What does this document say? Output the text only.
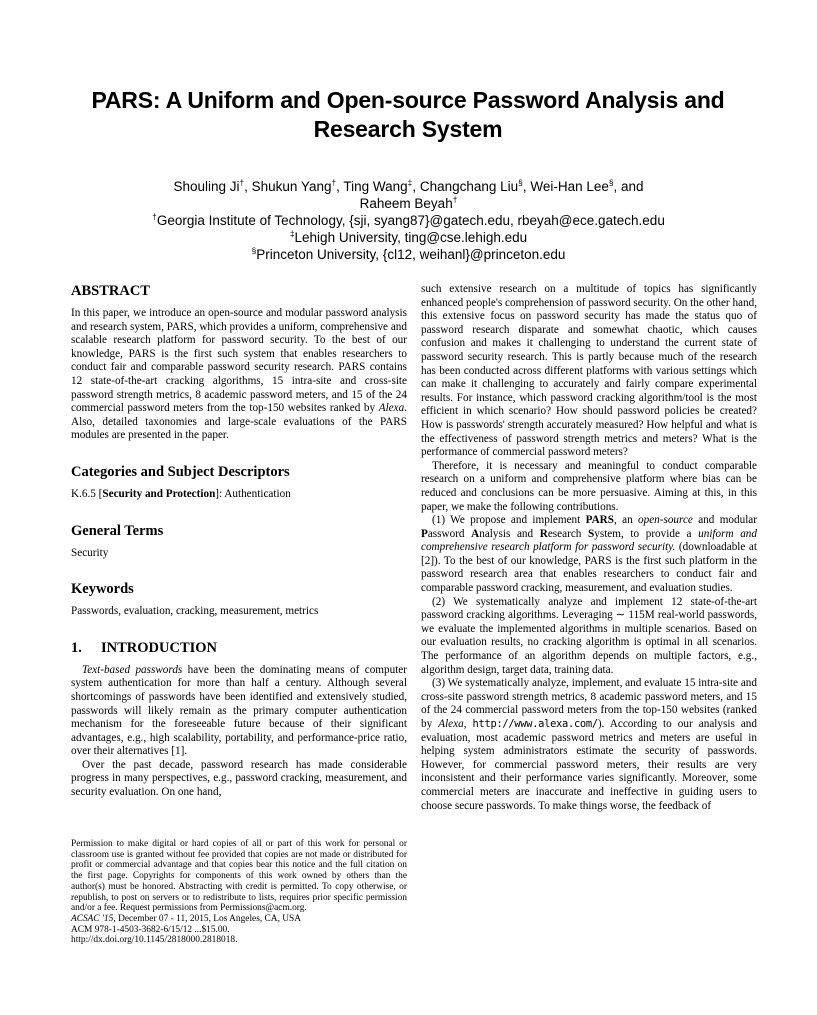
PARS: A Uniform and Open-source Password Analysis and Research System
Shouling Ji†, Shukun Yang†, Ting Wang‡, Changchang Liu§, Wei-Han Lee§, and
Raheem Beyah†
†Georgia Institute of Technology, {sji, syang87}@gatech.edu, rbeyah@ece.gatech.edu
‡Lehigh University, ting@cse.lehigh.edu
§Princeton University, {cl12, weihanl}@princeton.edu
ABSTRACT

In this paper, we introduce an open-source and modular password analysis and research system, PARS, which provides a uniform, comprehensive and scalable research platform for password security. To the best of our knowledge, PARS is the first such system that enables researchers to conduct fair and comparable password security research. PARS contains 12 state-of-the-art cracking algorithms, 15 intra-site and cross-site password strength metrics, 8 academic password meters, and 15 of the 24 commercial password meters from the top-150 websites ranked by Alexa. Also, detailed taxonomies and large-scale evaluations of the PARS modules are presented in the paper.

Categories and Subject Descriptors

K.6.5 [Security and Protection]: Authentication

General Terms

Security

Keywords

Passwords, evaluation, cracking, measurement, metrics

1. INTRODUCTION

Text-based passwords have been the dominating means of computer system authentication for more than half a century. Although several shortcomings of passwords have been identified and extensively studied, passwords will likely remain as the primary computer authentication mechanism for the foreseeable future because of their significant advantages, e.g., high scalability, portability, and performance-price ratio, over their alternatives [1].

Over the past decade, password research has made considerable progress in many perspectives, e.g., password cracking, measurement, and security evaluation. On one hand,

Permission to make digital or hard copies of all or part of this work for personal or classroom use is granted without fee provided that copies are not made or distributed for profit or commercial advantage and that copies bear this notice and the full citation on the first page. Copyrights for components of this work owned by others than the author(s) must be honored. Abstracting with credit is permitted. To copy otherwise, or republish, to post on servers or to redistribute to lists, requires prior specific permission and/or a fee. Request permissions from Permissions@acm.org.

ACSAC '15, December 07 - 11, 2015, Los Angeles, CA, USA

ACM 978-1-4503-3682-6/15/12 ...$15.00.

http://dx.doi.org/10.1145/2818000.2818018.

such extensive research on a multitude of topics has significantly enhanced people's comprehension of password security. On the other hand, this extensive focus on password security has made the status quo of password research disparate and somewhat chaotic, which causes confusion and makes it challenging to understand the current state of password security research. This is partly because much of the research has been conducted across different platforms with various settings which can make it challenging to accurately and fairly compare experimental results. For instance, which password cracking algorithm/tool is the most efficient in which scenario? How should password policies be created? How is passwords' strength accurately measured? How helpful and what is the effectiveness of password strength metrics and meters? What is the performance of commercial password meters?

Therefore, it is necessary and meaningful to conduct comparable research on a uniform and comprehensive platform where bias can be reduced and conclusions can be more persuasive. Aiming at this, in this paper, we make the following contributions.

(1) We propose and implement PARS, an open-source and modular Password Analysis and Research System, to provide a uniform and comprehensive research platform for password security. (downloadable at [2]). To the best of our knowledge, PARS is the first such platform in the password research area that enables researchers to conduct fair and comparable password cracking, measurement, and evaluation studies.

(2) We systematically analyze and implement 12 state-of-the-art password cracking algorithms. Leveraging ∼ 115M real-world passwords, we evaluate the implemented algorithms in multiple scenarios. Based on our evaluation results, no cracking algorithm is optimal in all scenarios. The performance of an algorithm depends on multiple factors, e.g., algorithm design, target data, training data.

(3) We systematically analyze, implement, and evaluate 15 intra-site and cross-site password strength metrics, 8 academic password meters, and 15 of the 24 commercial password meters from the top-150 websites (ranked by Alexa, http://www.alexa.com/). According to our analysis and evaluation, most academic password metrics and meters are useful in helping system administrators estimate the security of passwords. However, for commercial password meters, their results are very inconsistent and their performance varies significantly. Moreover, some commercial meters are inaccurate and ineffective in guiding users to choose secure passwords. To make things worse, the feedback of
